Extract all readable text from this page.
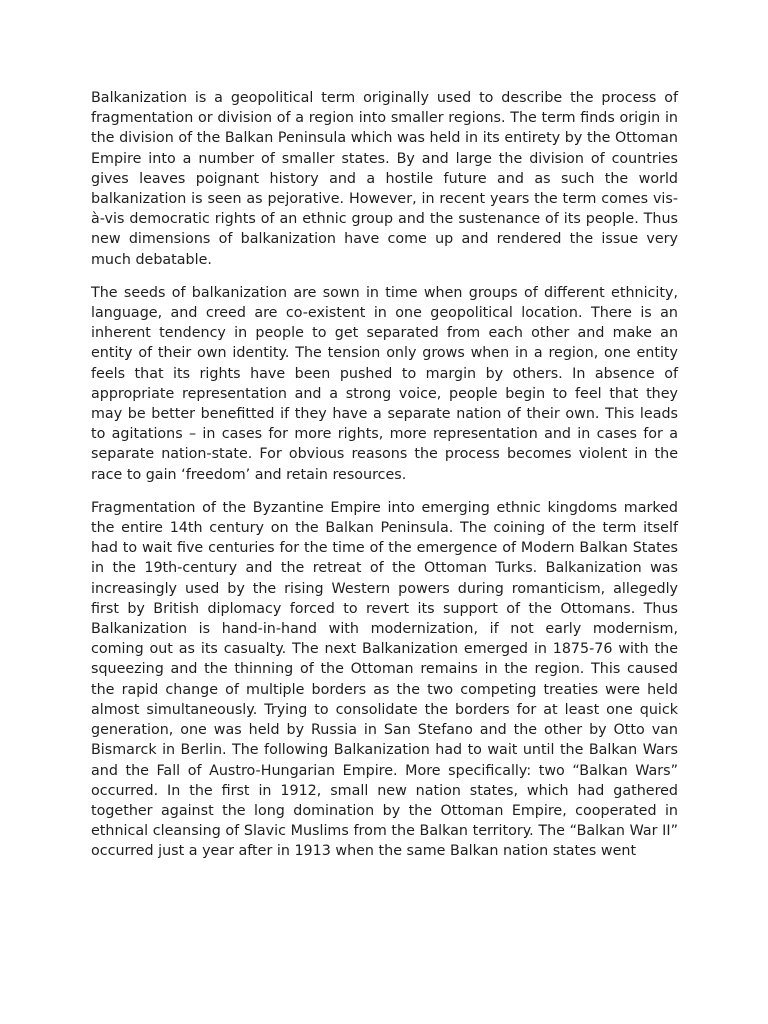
Balkanization is a geopolitical term originally used to describe the process of fragmentation or division of a region into smaller regions. The term finds origin in the division of the Balkan Peninsula which was held in its entirety by the Ottoman Empire into a number of smaller states. By and large the division of countries gives leaves poignant history and a hostile future and as such the world balkanization is seen as pejorative. However, in recent years the term comes vis-à-vis democratic rights of an ethnic group and the sustenance of its people. Thus new dimensions of balkanization have come up and rendered the issue very much debatable.

The seeds of balkanization are sown in time when groups of different ethnicity, language, and creed are co-existent in one geopolitical location. There is an inherent tendency in people to get separated from each other and make an entity of their own identity. The tension only grows when in a region, one entity feels that its rights have been pushed to margin by others. In absence of appropriate representation and a strong voice, people begin to feel that they may be better benefitted if they have a separate nation of their own. This leads to agitations – in cases for more rights, more representation and in cases for a separate nation-state. For obvious reasons the process becomes violent in the race to gain ‘freedom’ and retain resources.

Fragmentation of the Byzantine Empire into emerging ethnic kingdoms marked the entire 14th century on the Balkan Peninsula. The coining of the term itself had to wait five centuries for the time of the emergence of Modern Balkan States in the 19th-century and the retreat of the Ottoman Turks. Balkanization was increasingly used by the rising Western powers during romanticism, allegedly first by British diplomacy forced to revert its support of the Ottomans. Thus Balkanization is hand-in-hand with modernization, if not early modernism, coming out as its casualty. The next Balkanization emerged in 1875-76 with the squeezing and the thinning of the Ottoman remains in the region. This caused the rapid change of multiple borders as the two competing treaties were held almost simultaneously. Trying to consolidate the borders for at least one quick generation, one was held by Russia in San Stefano and the other by Otto van Bismarck in Berlin. The following Balkanization had to wait until the Balkan Wars and the Fall of Austro-Hungarian Empire. More specifically: two “Balkan Wars” occurred. In the first in 1912, small new nation states, which had gathered together against the long domination by the Ottoman Empire, cooperated in ethnical cleansing of Slavic Muslims from the Balkan territory. The “Balkan War II” occurred just a year after in 1913 when the same Balkan nation states went
